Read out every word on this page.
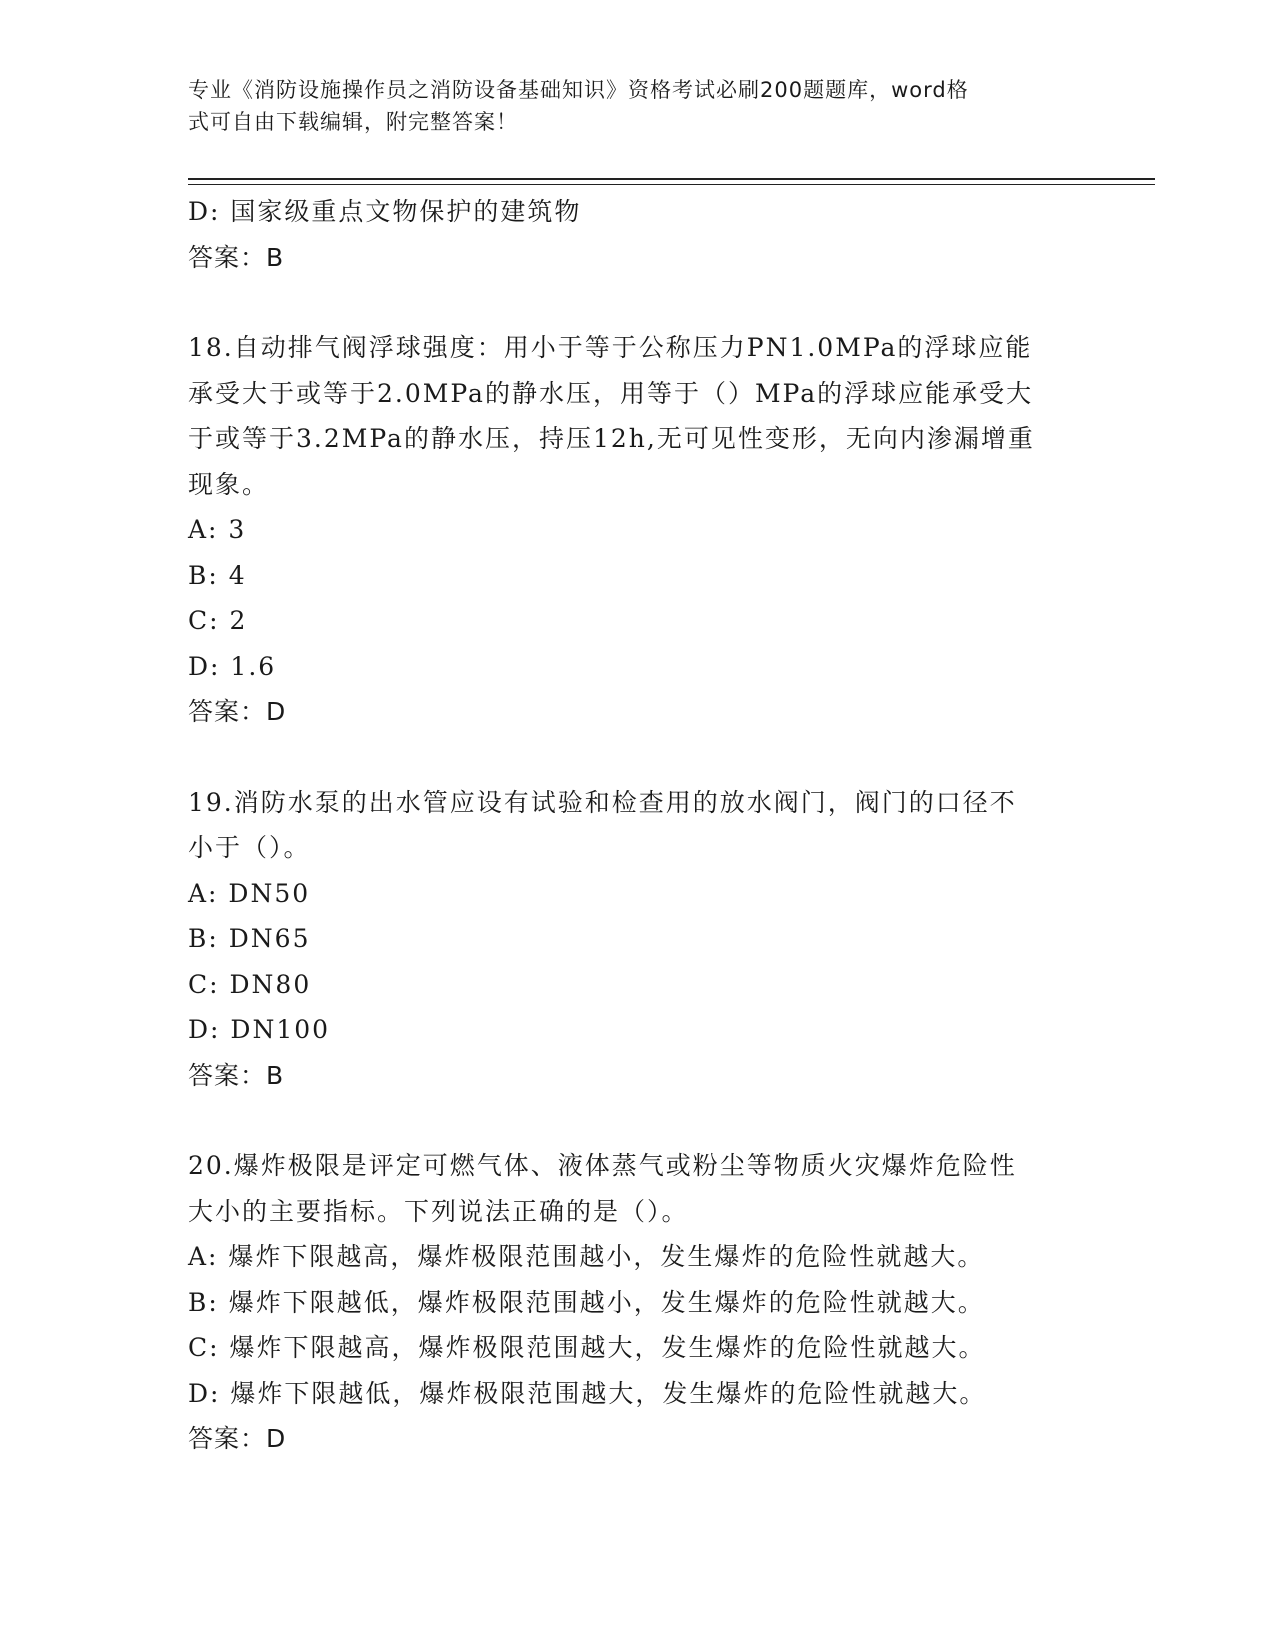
专业《消防设施操作员之消防设备基础知识》资格考试必刷200题题库，word格
式可自由下载编辑，附完整答案！
D: 国家级重点文物保护的建筑物
答案：B
18.自动排气阀浮球强度：用小于等于公称压力PN1.0MPa的浮球应能
承受大于或等于2.0MPa的静水压，用等于（）MPa的浮球应能承受大
于或等于3.2MPa的静水压，持压12h,无可见性变形，无向内渗漏增重
现象。
A: 3
B: 4
C: 2
D: 1.6
答案：D
19.消防水泵的出水管应设有试验和检查用的放水阀门，阀门的口径不
小于（）。
A: DN50
B: DN65
C: DN80
D: DN100
答案：B
20.爆炸极限是评定可燃气体、液体蒸气或粉尘等物质火灾爆炸危险性
大小的主要指标。下列说法正确的是（）。
A: 爆炸下限越高，爆炸极限范围越小，发生爆炸的危险性就越大。
B: 爆炸下限越低，爆炸极限范围越小，发生爆炸的危险性就越大。
C: 爆炸下限越高，爆炸极限范围越大，发生爆炸的危险性就越大。
D: 爆炸下限越低，爆炸极限范围越大，发生爆炸的危险性就越大。
答案：D
